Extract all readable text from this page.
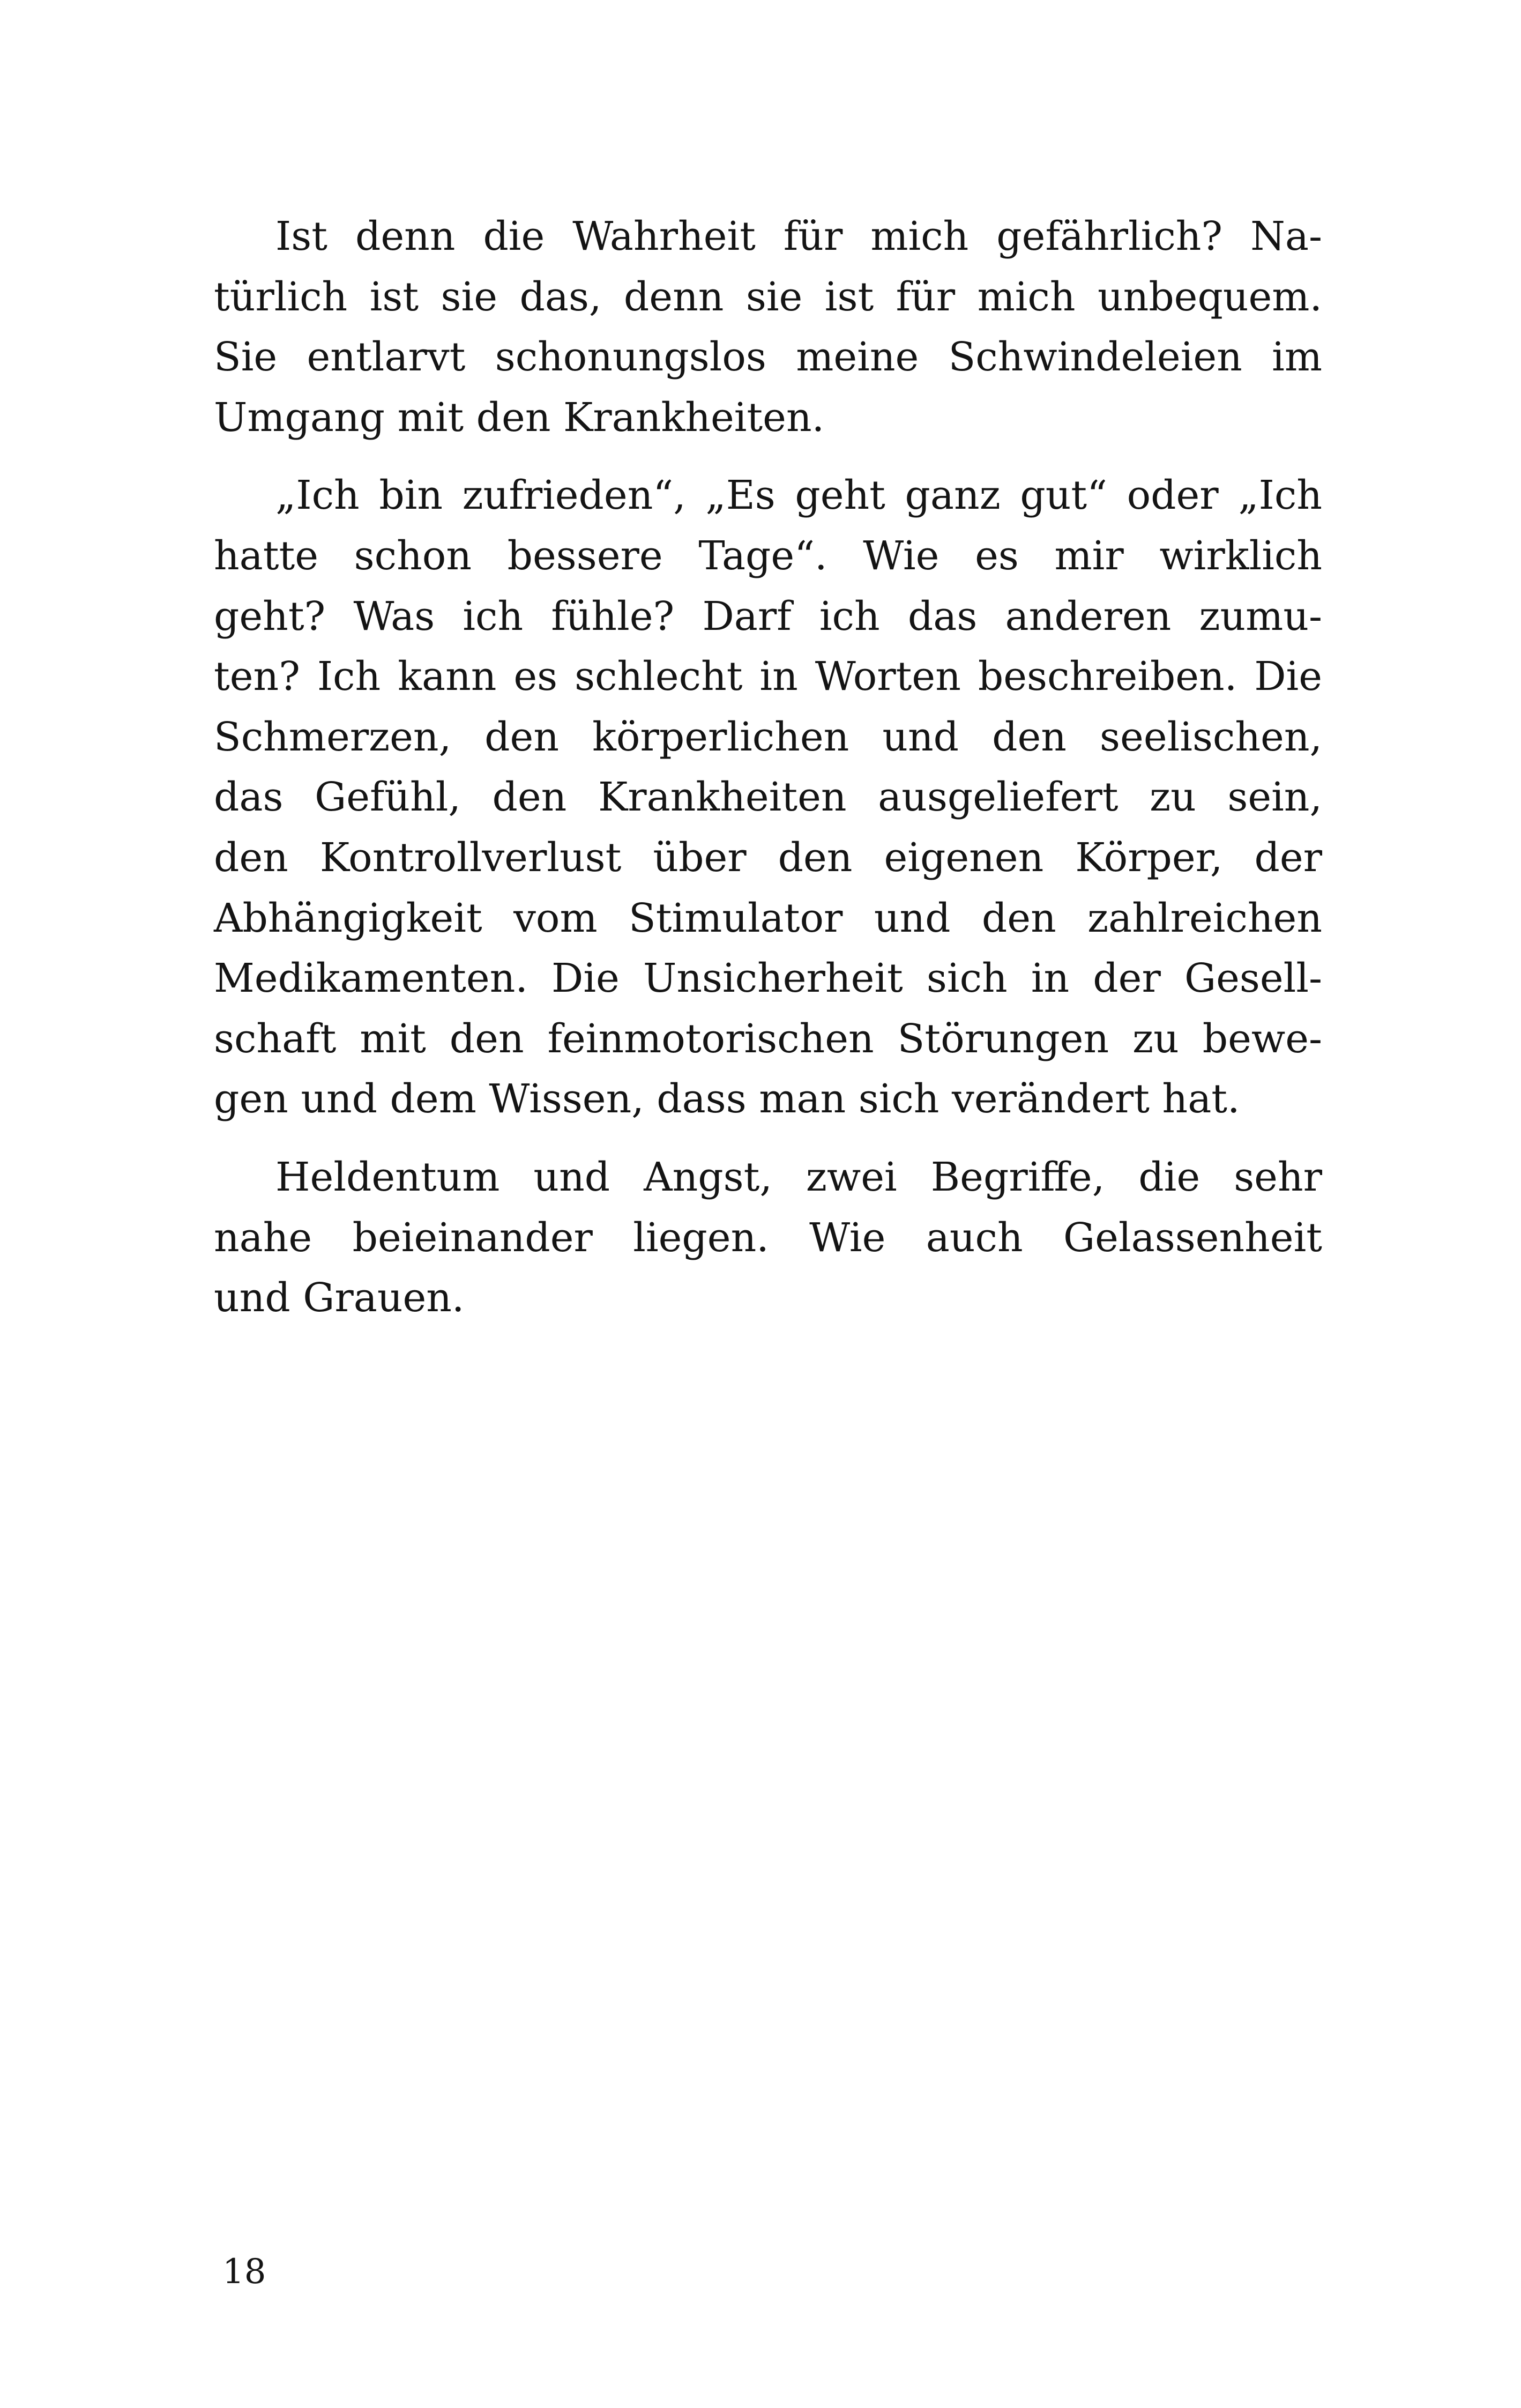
Ist denn die Wahrheit für mich gefährlich? Na-
türlich ist sie das, denn sie ist für mich unbequem.
Sie entlarvt schonungslos meine Schwindeleien im
Umgang mit den Krankheiten.
„Ich bin zufrieden“, „Es geht ganz gut“ oder „Ich
hatte schon bessere Tage“. Wie es mir wirklich
geht? Was ich fühle? Darf ich das anderen zumu-
ten? Ich kann es schlecht in Worten beschreiben. Die
Schmerzen, den körperlichen und den seelischen,
das Gefühl, den Krankheiten ausgeliefert zu sein,
den Kontrollverlust über den eigenen Körper, der
Abhängigkeit vom Stimulator und den zahlreichen
Medikamenten. Die Unsicherheit sich in der Gesell-
schaft mit den feinmotorischen Störungen zu bewe-
gen und dem Wissen, dass man sich verändert hat.
Heldentum und Angst, zwei Begriffe, die sehr
nahe beieinander liegen. Wie auch Gelassenheit
und Grauen.
18
